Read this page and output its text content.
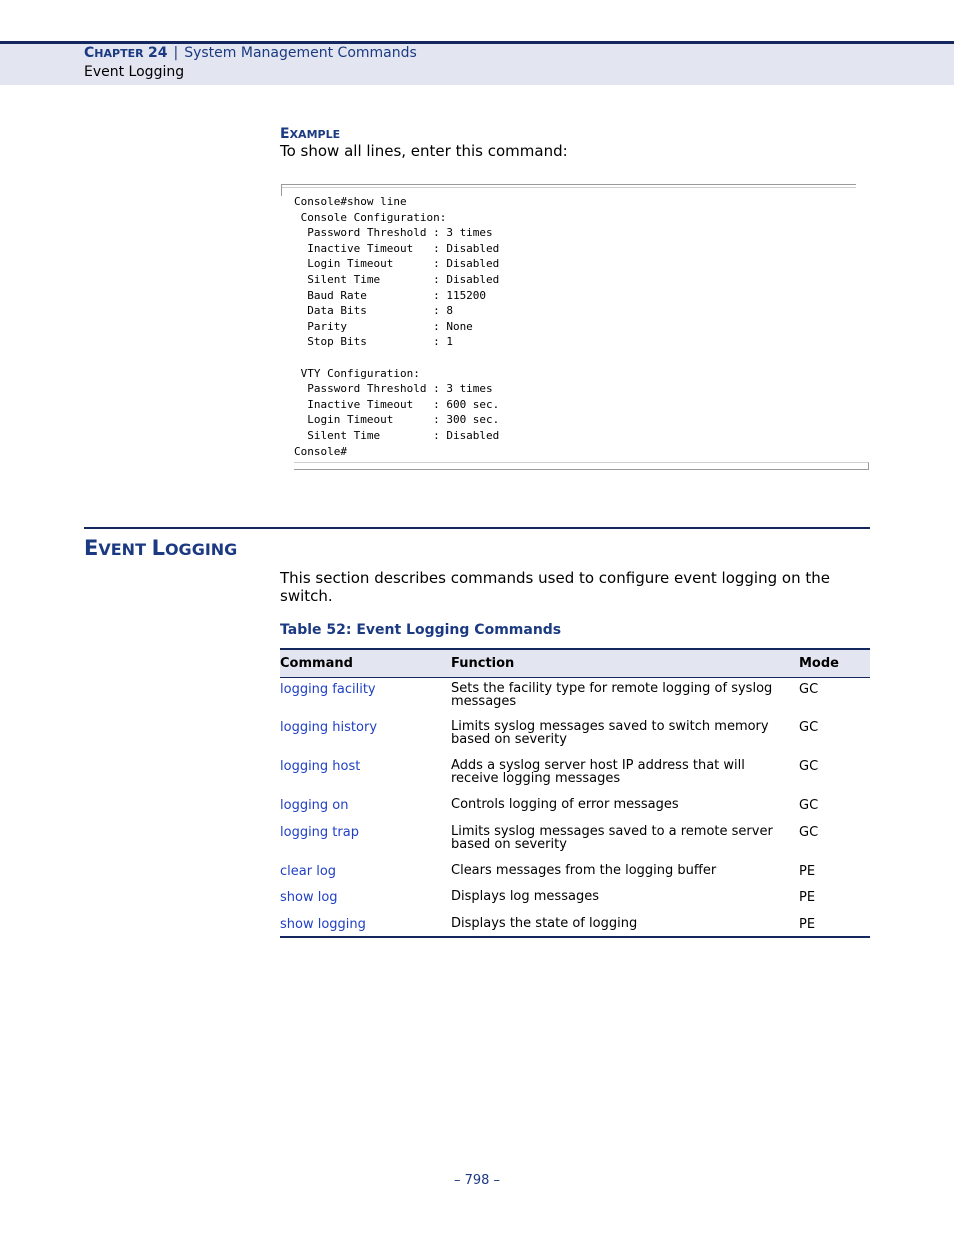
CHAPTER 24 | System Management Commands
Event Logging
EXAMPLE
To show all lines, enter this command:
Console#show line
Console Configuration:
Password Threshold : 3 times
Inactive Timeout   : Disabled
Login Timeout      : Disabled
Silent Time        : Disabled
Baud Rate          : 115200
Data Bits          : 8
Parity             : None
Stop Bits          : 1
VTY Configuration:
Password Threshold : 3 times
Inactive Timeout   : 600 sec.
Login Timeout      : 300 sec.
Silent Time        : Disabled
Console#
EVENT LOGGING
This section describes commands used to configure event logging on the switch.
Table 52: Event Logging Commands
Command	Function	Mode
logging facility	Sets the facility type for remote logging of syslog messages	GC
logging history	Limits syslog messages saved to switch memory based on severity	GC
logging host	Adds a syslog server host IP address that will receive logging messages	GC
logging on	Controls logging of error messages	GC
logging trap	Limits syslog messages saved to a remote server based on severity	GC
clear log	Clears messages from the logging buffer	PE
show log	Displays log messages	PE
show logging	Displays the state of logging	PE
– 798 –
